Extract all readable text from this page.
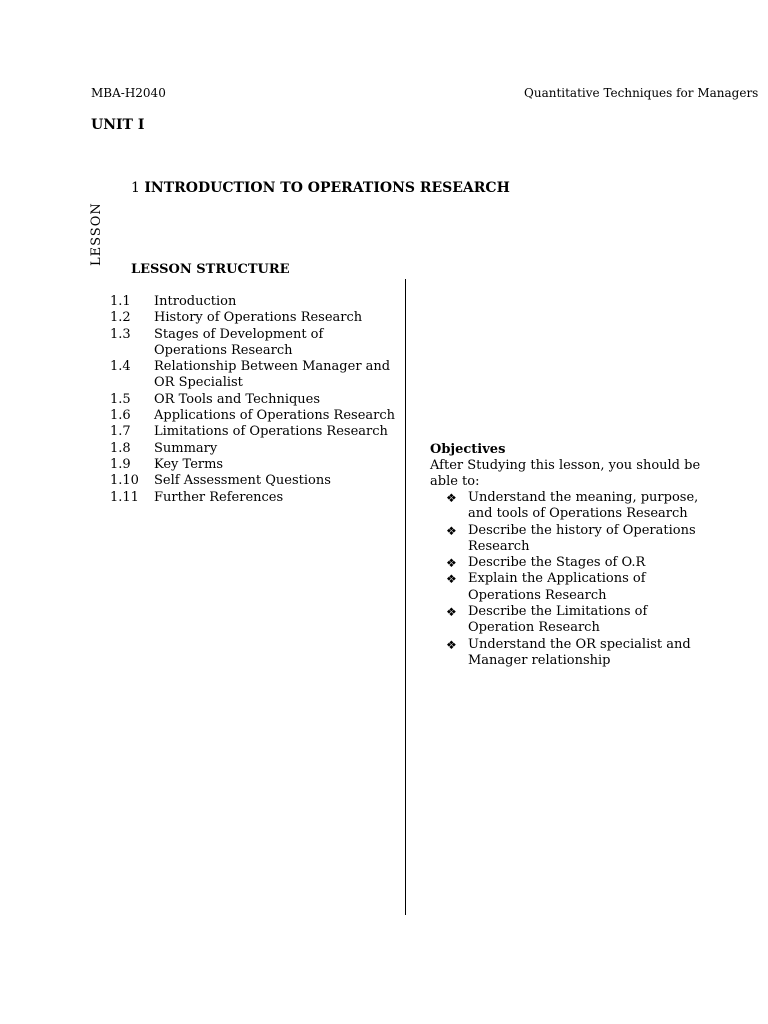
MBA-H2040	Quantitative Techniques for Managers
UNIT I
1 INTRODUCTION TO OPERATIONS RESEARCH
LESSON
LESSON STRUCTURE
1.1	Introduction
1.2	History of Operations Research
1.3	Stages of Development of Operations Research
1.4	Relationship Between Manager and OR Specialist
1.5	OR Tools and Techniques
1.6	Applications of Operations Research
1.7	Limitations of Operations Research
1.8	Summary
1.9	Key Terms
1.10	Self Assessment Questions
1.11	Further References
Objectives
After Studying this lesson, you should be able to:
❖ Understand the meaning, purpose, and tools of Operations Research
❖ Describe the history of Operations Research
❖ Describe the Stages of O.R
❖ Explain the Applications of Operations Research
❖ Describe the Limitations of Operation Research
❖ Understand the OR specialist and Manager relationship
